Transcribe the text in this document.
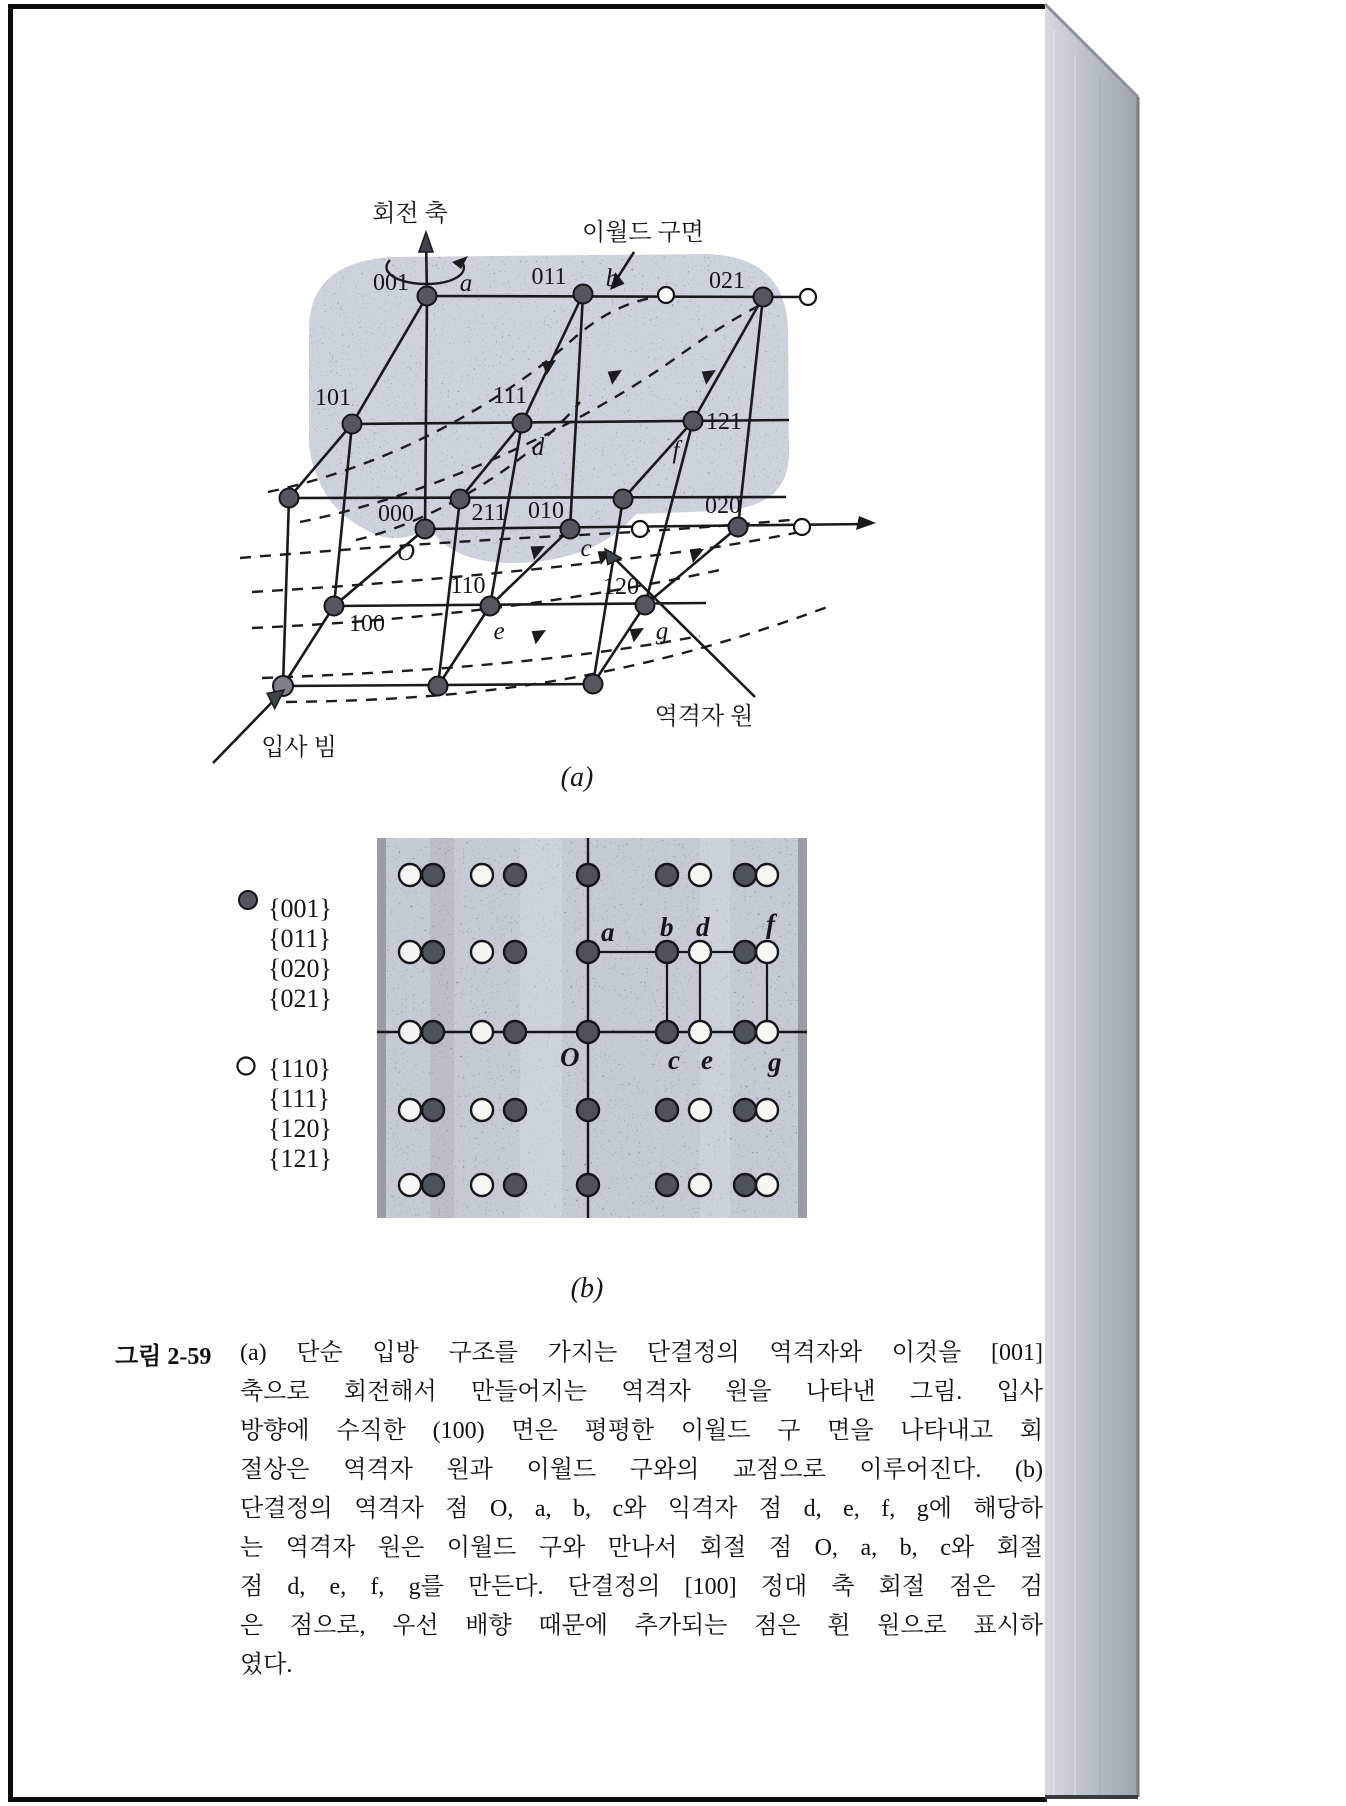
회전 축
이월드 구면
입사 빔
역격자 원
001	011	021
101	111
121
000 211 010	020
100
110	120
a	b
c
d
e
f
g
O
(a)
a b d f
O	c e g
(b)
{001}
{011}
{020}
{021}
{110}
{111}
{120}
{121}
그림 2-59 (a) 단순 입방 구조를 가지는 단결정의 역격자와 이것을 [001]
축으로 회전해서 만들어지는 역격자 원을 나타낸 그림. 입사
방향에 수직한 (100) 면은 평평한 이월드 구 면을 나타내고 회
절상은 역격자 원과 이월드 구와의 교점으로 이루어진다. (b)
단결정의 역격자 점 O, a, b, c와 익격자 점 d, e, f, g에 해당하
는 역격자 원은 이월드 구와 만나서 회절 점 O, a, b, c와 회절
점 d, e, f, g를 만든다. 단결정의 [100] 정대 축 회절 점은 검
은 점으로, 우선 배향 때문에 추가되는 점은 휜 원으로 표시하
였다.
